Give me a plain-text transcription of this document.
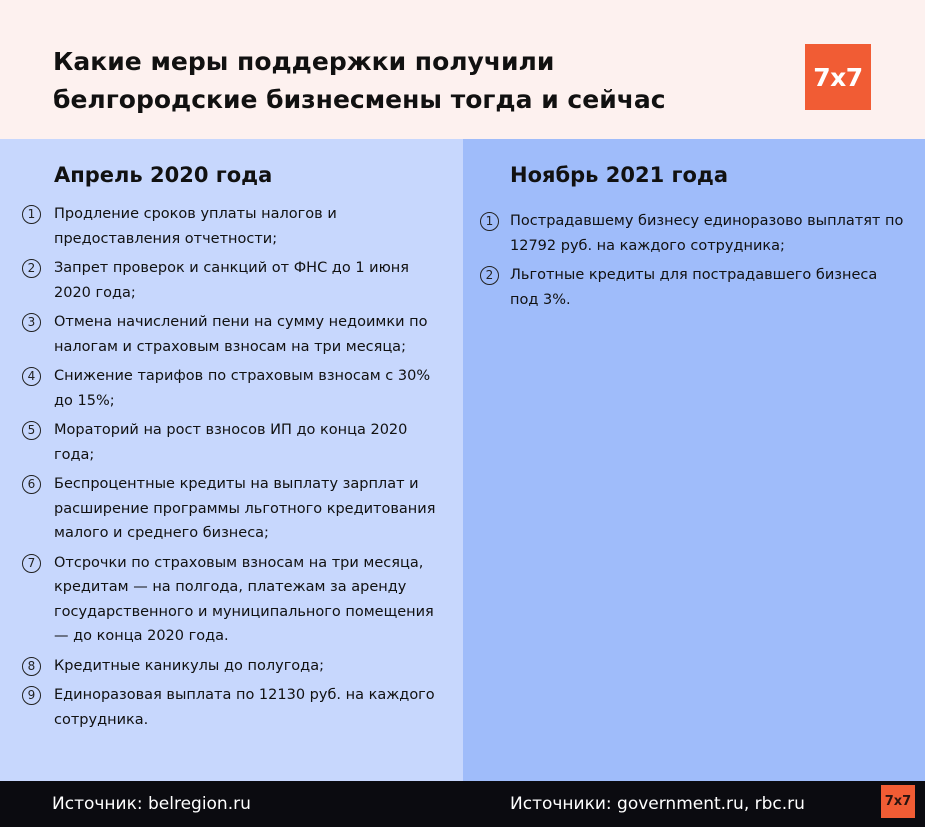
Какие меры поддержки получили
белгородские бизнесмены тогда и сейчас
7x7
Апрель 2020 года
1	Продление сроков уплаты налогов и предоставления отчетности;
2	Запрет проверок и санкций от ФНС до 1 июня 2020 года;
3	Отмена начислений пени на сумму недоимки по налогам и страховым взносам на три месяца;
4	Снижение тарифов по страховым взносам с 30% до 15%;
5	Мораторий на рост взносов ИП до конца 2020 года;
6	Беспроцентные кредиты на выплату зарплат и расширение программы льготного кредитования малого и среднего бизнеса;
7	Отсрочки по страховым взносам на три месяца, кредитам — на полгода, платежам за аренду государственного и муниципального помещения — до конца 2020 года.
8	Кредитные каникулы до полугода;
9	Единоразовая выплата по 12130 руб. на каждого сотрудника.
Ноябрь 2021 года
1	Пострадавшему бизнесу единоразово выплатят по 12792 руб. на каждого сотрудника;
2	Льготные кредиты для пострадавшего бизнеса под 3%.
Источник: belregion.ru	Источники: government.ru, rbc.ru	7x7
